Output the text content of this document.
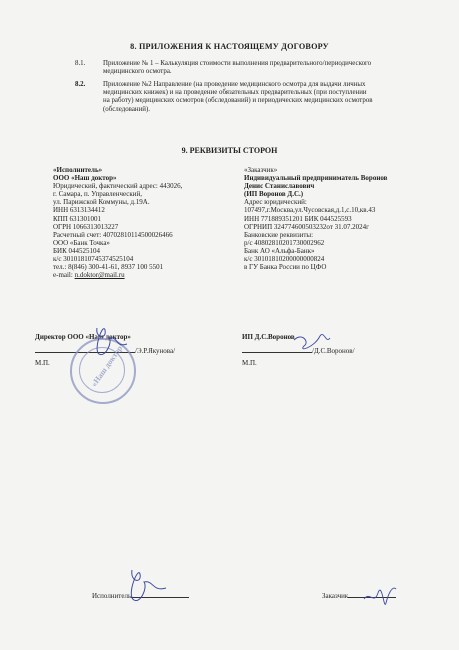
8. ПРИЛОЖЕНИЯ К НАСТОЯЩЕМУ ДОГОВОРУ
8.1.	Приложение № 1 – Калькуляция стоимости выполнения предварительного/периодического
медицинского осмотра.
8.2.	Приложение №2 Направление (на проведение медицинского осмотра для выдачи личных
медицинских книжек) и на проведение обязательных предварительных (при поступлении
на работу) медицинских осмотров (обследований) и периодических медицинских осмотров
(обследований).
9. РЕКВИЗИТЫ СТОРОН
«Исполнитель»
ООО «Наш доктор»
Юридический, фактический адрес: 443026,
г. Самара, п. Управленческий,
ул. Парижской Коммуны, д.19А.
ИНН 6313134412
КПП 631301001
ОГРН 1066313013227
Расчетный счет: 40702810114500026466
ООО «Банк Точка»
БИК 044525104
к/с 30101810745374525104
тел.: 8(846) 300-41-61, 8937 100 5501
e-mail: n.doktor@mail.ru
«Заказчик»
Индивидуальный предприниматель Воронов
Денис Станиславович
(ИП Воронов Д.С.)
Адрес юридический:
107497,г.Москва,ул.Чусовская,д.1,с.10,кв.43
ИНН 771889351201 БИК 044525593
ОГРНИП 324774600503232от 31.07.2024г
Банковские реквизиты:
р/с 40802810201730002962
Банк АО «Альфа-Банк»
к/с 30101810200000000824
в ГУ Банка России по ЦФО
Директор ООО «Наш доктор»
/Э.Р.Якунова/
М.П.
ИП Д.С.Воронов
/Д.С.Воронов/
М.П.
«Наш доктор»
Исполнитель	Заказчик
